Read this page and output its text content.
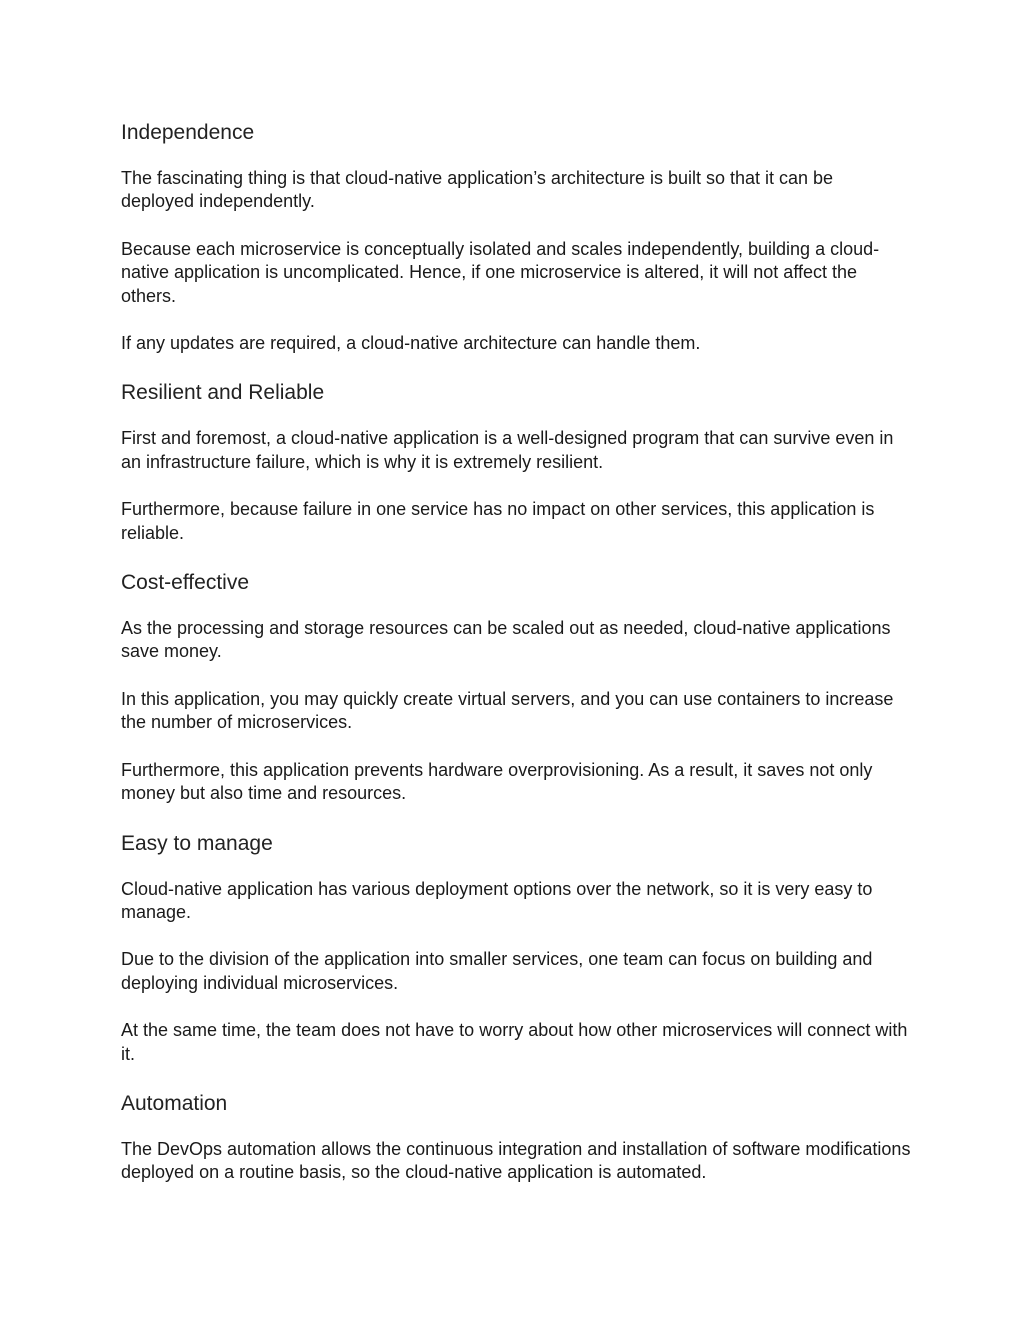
Independence

The fascinating thing is that cloud-native application’s architecture is built so that it can be deployed independently.

Because each microservice is conceptually isolated and scales independently, building a cloud-native application is uncomplicated. Hence, if one microservice is altered, it will not affect the others.

If any updates are required, a cloud-native architecture can handle them.

Resilient and Reliable

First and foremost, a cloud-native application is a well-designed program that can survive even in an infrastructure failure, which is why it is extremely resilient.

Furthermore, because failure in one service has no impact on other services, this application is reliable.

Cost-effective

As the processing and storage resources can be scaled out as needed, cloud-native applications save money.

In this application, you may quickly create virtual servers, and you can use containers to increase the number of microservices.

Furthermore, this application prevents hardware overprovisioning. As a result, it saves not only money but also time and resources.

Easy to manage

Cloud-native application has various deployment options over the network, so it is very easy to manage.

Due to the division of the application into smaller services, one team can focus on building and deploying individual microservices.

At the same time, the team does not have to worry about how other microservices will connect with it.

Automation

The DevOps automation allows the continuous integration and installation of software modifications deployed on a routine basis, so the cloud-native application is automated.
